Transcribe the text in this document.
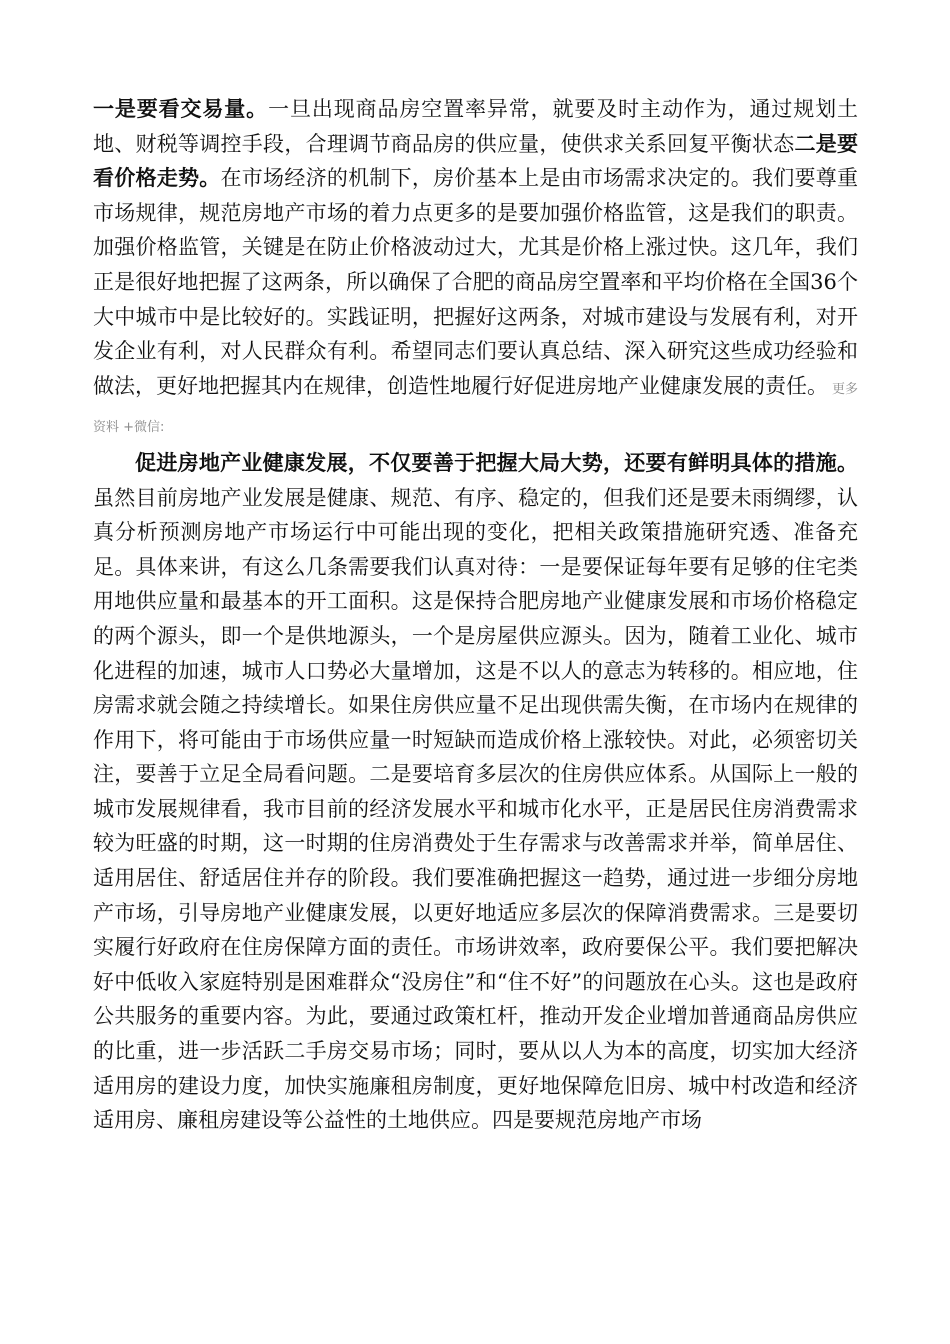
一是要看交易量。一旦出现商品房空置率异常，就要及时主动作为，通过规划土地、财税等调控手段，合理调节商品房的供应量，使供求关系回复平衡状态二是要看价格走势。在市场经济的机制下，房价基本上是由市场需求决定的。我们要尊重市场规律，规范房地产市场的着力点更多的是要加强价格监管，这是我们的职责。加强价格监管，关键是在防止价格波动过大，尤其是价格上涨过快。这几年，我们正是很好地把握了这两条，所以确保了合肥的商品房空置率和平均价格在全国36个大中城市中是比较好的。实践证明，把握好这两条，对城市建设与发展有利，对开发企业有利，对人民群众有利。希望同志们要认真总结、深入研究这些成功经验和做法，更好地把握其内在规律，创造性地履行好促进房地产业健康发展的责任。 更多资料 +微信:

促进房地产业健康发展，不仅要善于把握大局大势，还要有鲜明具体的措施。虽然目前房地产业发展是健康、规范、有序、稳定的，但我们还是要未雨绸缪，认真分析预测房地产市场运行中可能出现的变化，把相关政策措施研究透、准备充足。具体来讲，有这么几条需要我们认真对待：一是要保证每年要有足够的住宅类用地供应量和最基本的开工面积。这是保持合肥房地产业健康发展和市场价格稳定的两个源头，即一个是供地源头，一个是房屋供应源头。因为，随着工业化、城市化进程的加速，城市人口势必大量增加，这是不以人的意志为转移的。相应地，住房需求就会随之持续增长。如果住房供应量不足出现供需失衡，在市场内在规律的作用下，将可能由于市场供应量一时短缺而造成价格上涨较快。对此，必须密切关注，要善于立足全局看问题。二是要培育多层次的住房供应体系。从国际上一般的城市发展规律看，我市目前的经济发展水平和城市化水平，正是居民住房消费需求较为旺盛的时期，这一时期的住房消费处于生存需求与改善需求并举，简单居住、适用居住、舒适居住并存的阶段。我们要准确把握这一趋势，通过进一步细分房地产市场，引导房地产业健康发展，以更好地适应多层次的保障消费需求。三是要切实履行好政府在住房保障方面的责任。市场讲效率，政府要保公平。我们要把解决好中低收入家庭特别是困难群众“没房住”和“住不好”的问题放在心头。这也是政府公共服务的重要内容。为此，要通过政策杠杆，推动开发企业增加普通商品房供应的比重，进一步活跃二手房交易市场；同时，要从以人为本的高度，切实加大经济适用房的建设力度，加快实施廉租房制度，更好地保障危旧房、城中村改造和经济适用房、廉租房建设等公益性的土地供应。四是要规范房地产市场
